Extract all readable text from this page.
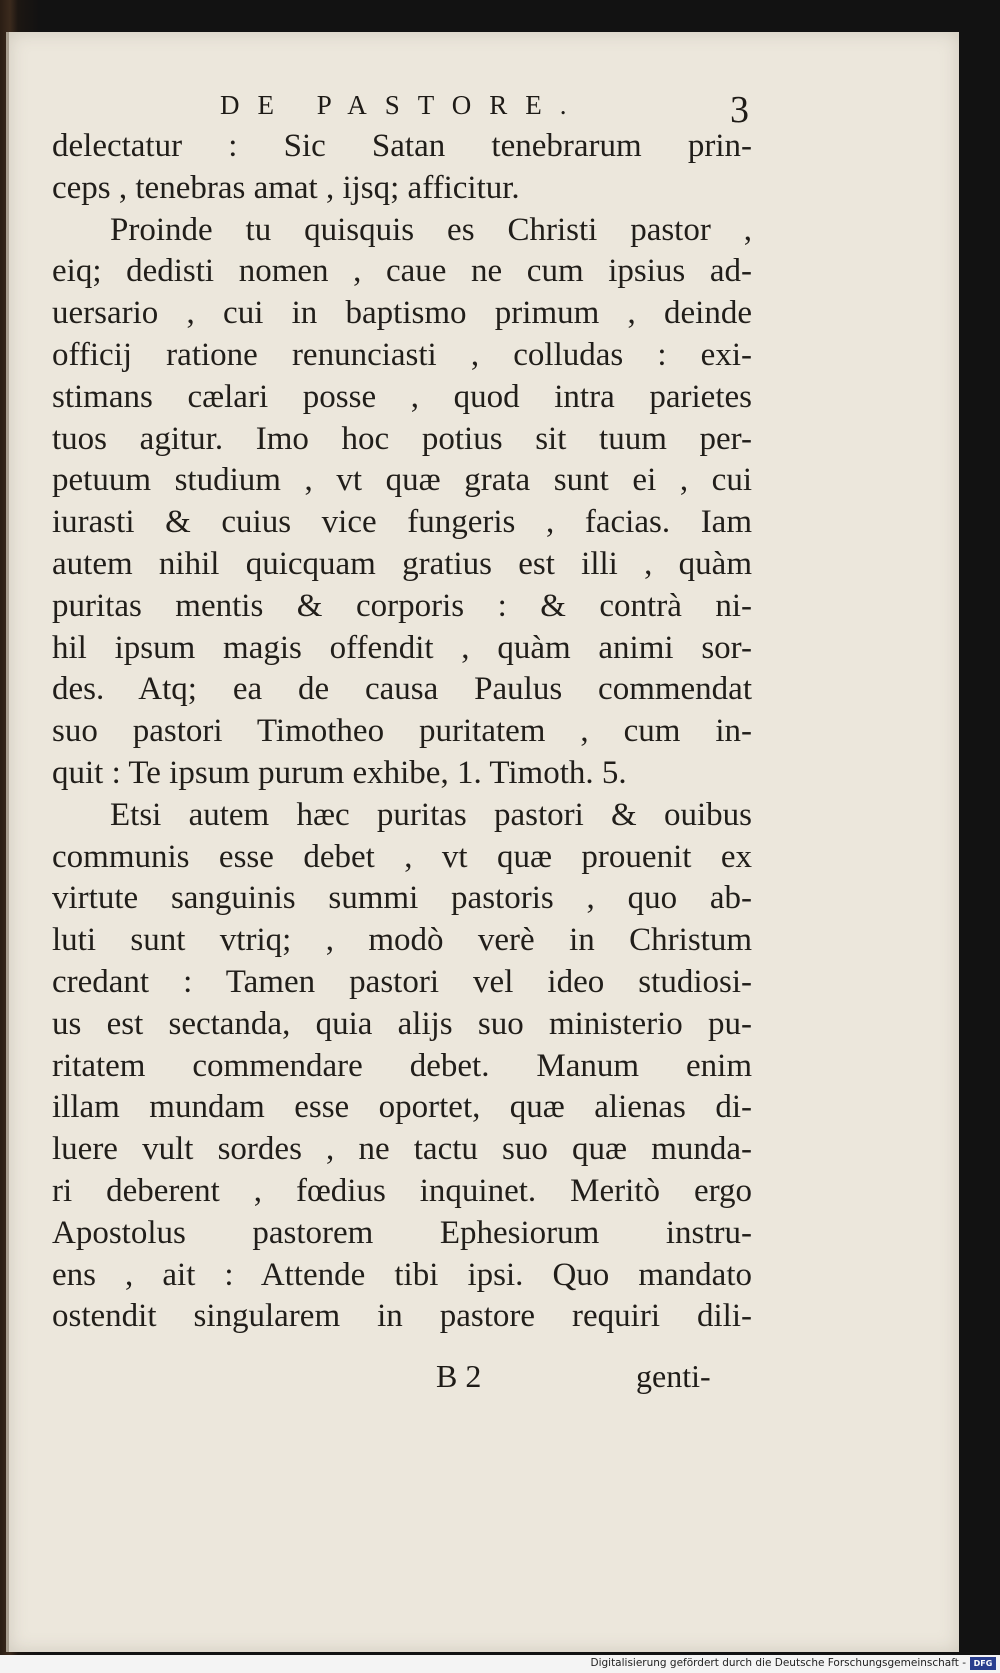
DE PASTORE.	3
delectatur : Sic Satan tenebrarum prin-
ceps , tenebras amat , ijsq; afficitur.
Proinde tu quisquis es Christi pastor ,
eiq; dedisti nomen , caue ne cum ipsius ad-
uersario , cui in baptismo primum , deinde
officij ratione renunciasti , colludas : exi-
stimans cælari posse , quod intra parietes
tuos agitur. Imo hoc potius sit tuum per-
petuum studium , vt quæ grata sunt ei , cui
iurasti & cuius vice fungeris , facias. Iam
autem nihil quicquam gratius est illi , quàm
puritas mentis & corporis : & contrà ni-
hil ipsum magis offendit , quàm animi sor-
des. Atq; ea de causa Paulus commendat
suo pastori Timotheo puritatem , cum in-
quit : Te ipsum purum exhibe, 1. Timoth. 5.
Etsi autem hæc puritas pastori & ouibus
communis esse debet , vt quæ prouenit ex
virtute sanguinis summi pastoris , quo ab-
luti sunt vtriq; , modò verè in Christum
credant : Tamen pastori vel ideo studiosi-
us est sectanda, quia alijs suo ministerio pu-
ritatem commendare debet. Manum enim
illam mundam esse oportet, quæ alienas di-
luere vult sordes , ne tactu suo quæ munda-
ri deberent , fœdius inquinet. Meritò ergo
Apostolus pastorem Ephesiorum instru-
ens , ait : Attende tibi ipsi. Quo mandato
ostendit singularem in pastore requiri dili-
B 2	genti-
Digitalisierung gefördert durch die Deutsche Forschungsgemeinschaft - DFG
